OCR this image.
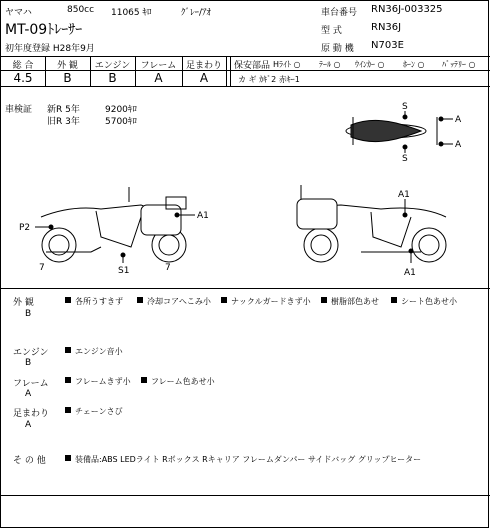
ヤマハ	850cc 11065 ｷﾛ	ｸﾞﾚｰ/ｱｵ	車台番号 RN36J-003325
MT-09ﾄﾚｰｻｰ	型 式	RN36J
初年度登録 H28年9月	原 動 機 N703E
総 合	外 観	エンジン	フレーム	足まわり
4.5	B	B	A	A
保安部品 Hﾗｲﾄ ○ ﾃｰﾙ ○ ｳｲﾝｶｰ ○ ﾎｰﾝ ○ ﾊﾞｯﾃﾘｰ ○
カ ギ ｶｷﾞ2 赤ｷｰ1
車検証 新R 5年	9200ｷﾛ
旧R 3年	5700ｷﾛ
S
S
A
A
A1
P2
7	S1	7
A1
A1
外 観
B
各所うすきず	冷却コアへこみ小	ナックルガードきず小	樹脂部色あせ	シート色あせ小
エンジン
B
エンジン音小
フレーム
A
フレームきず小	フレーム色あせ小
足まわり
A
チェーンさび
そ の 他	装備品:ABS LEDライト Rボックス Rキャリア フレームダンパー サイドバッグ グリップヒーター
